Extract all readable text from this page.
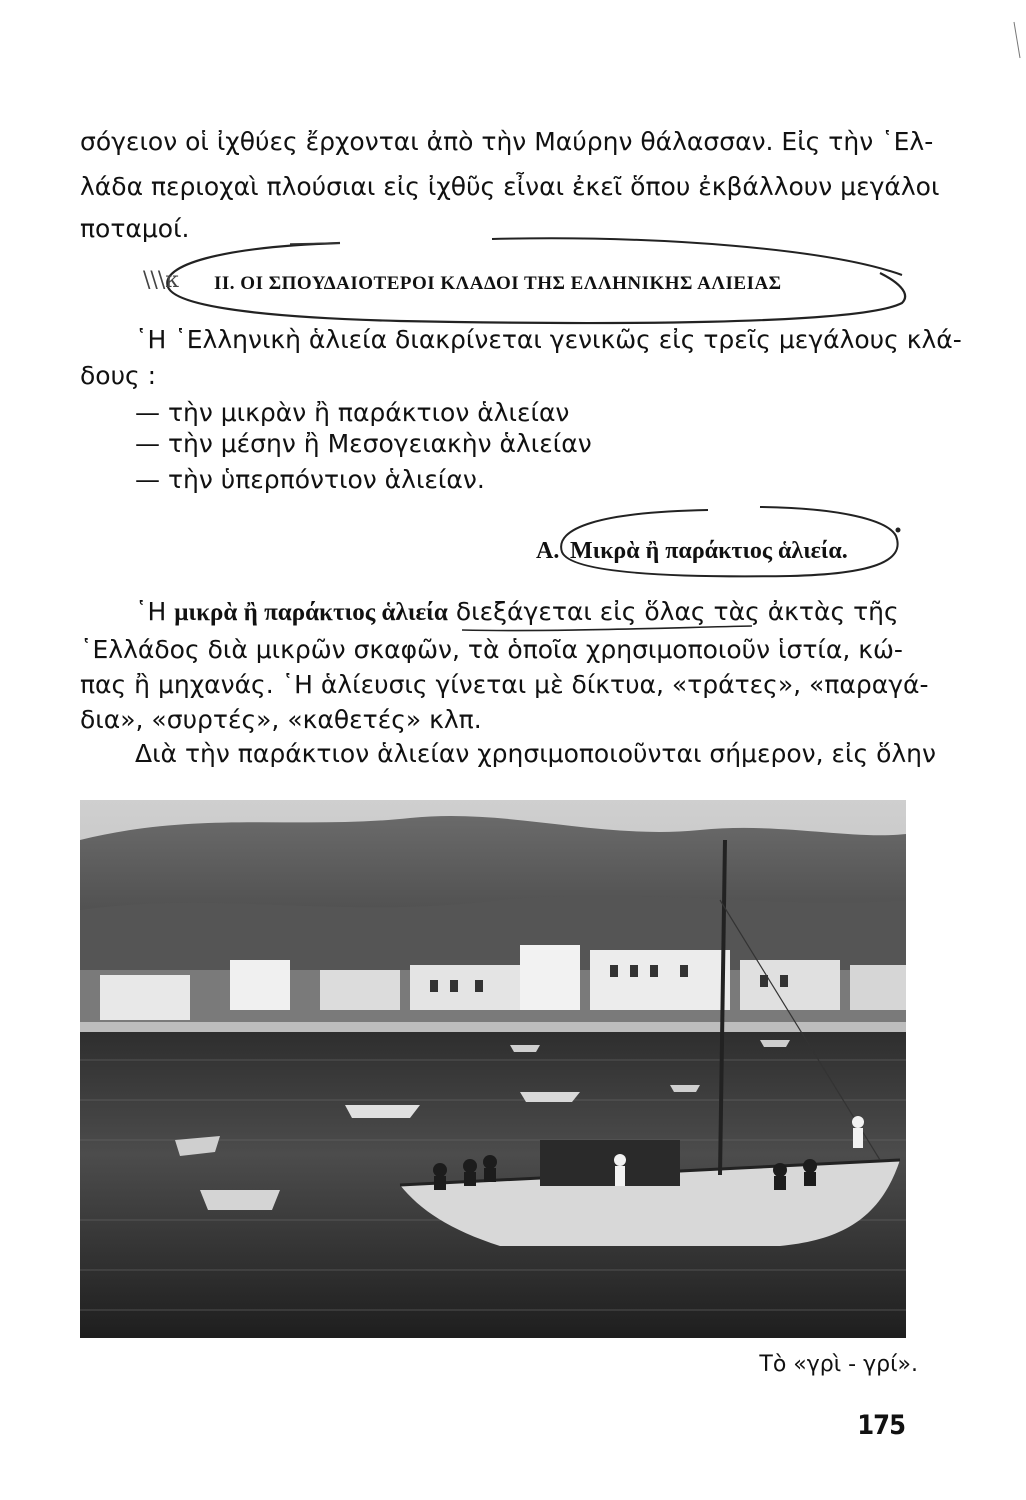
σόγειον οἱ ἰχθύες ἔρχονται ἀπὸ τὴν Μαύρην θάλασσαν. Εἰς τὴν ῾Ελ-
λάδα περιοχαὶ πλούσιαι εἰς ἰχθῦς εἶναι ἐκεῖ ὅπου ἐκβάλλουν μεγάλοι
ποταμοί.
\\\κ II. ΟΙ ΣΠΟΥΔΑΙΟΤΕΡΟΙ ΚΛΑΔΟΙ ΤΗΣ ΕΛΛΗΝΙΚΗΣ ΑΛΙΕΙΑΣ
῾Η ῾Ελληνικὴ ἁλιεία διακρίνεται γενικῶς εἰς τρεῖς μεγάλους κλά-
δους :
— τὴν μικρὰν ἢ παράκτιον ἁλιείαν
— τὴν μέσην ἢ Μεσογειακὴν ἁλιείαν
— τὴν ὑπερπόντιον ἁλιείαν.
Α. Μικρὰ ἢ παράκτιος ἁλιεία.
῾Η μικρὰ ἢ παράκτιος ἁλιεία διεξάγεται εἰς ὅλας τὰς ἀκτὰς τῆς
῾Ελλάδος διὰ μικρῶν σκαφῶν, τὰ ὁποῖα χρησιμοποιοῦν ἱστία, κώ-
πας ἢ μηχανάς. ῾Η ἁλίευσις γίνεται μὲ δίκτυα, «τράτες», «παραγά-
δια», «συρτές», «καθετές» κλπ.
Διὰ τὴν παράκτιον ἁλιείαν χρησιμοποιοῦνται σήμερον, εἰς ὅλην
Τὸ «γρὶ - γρί».
175
